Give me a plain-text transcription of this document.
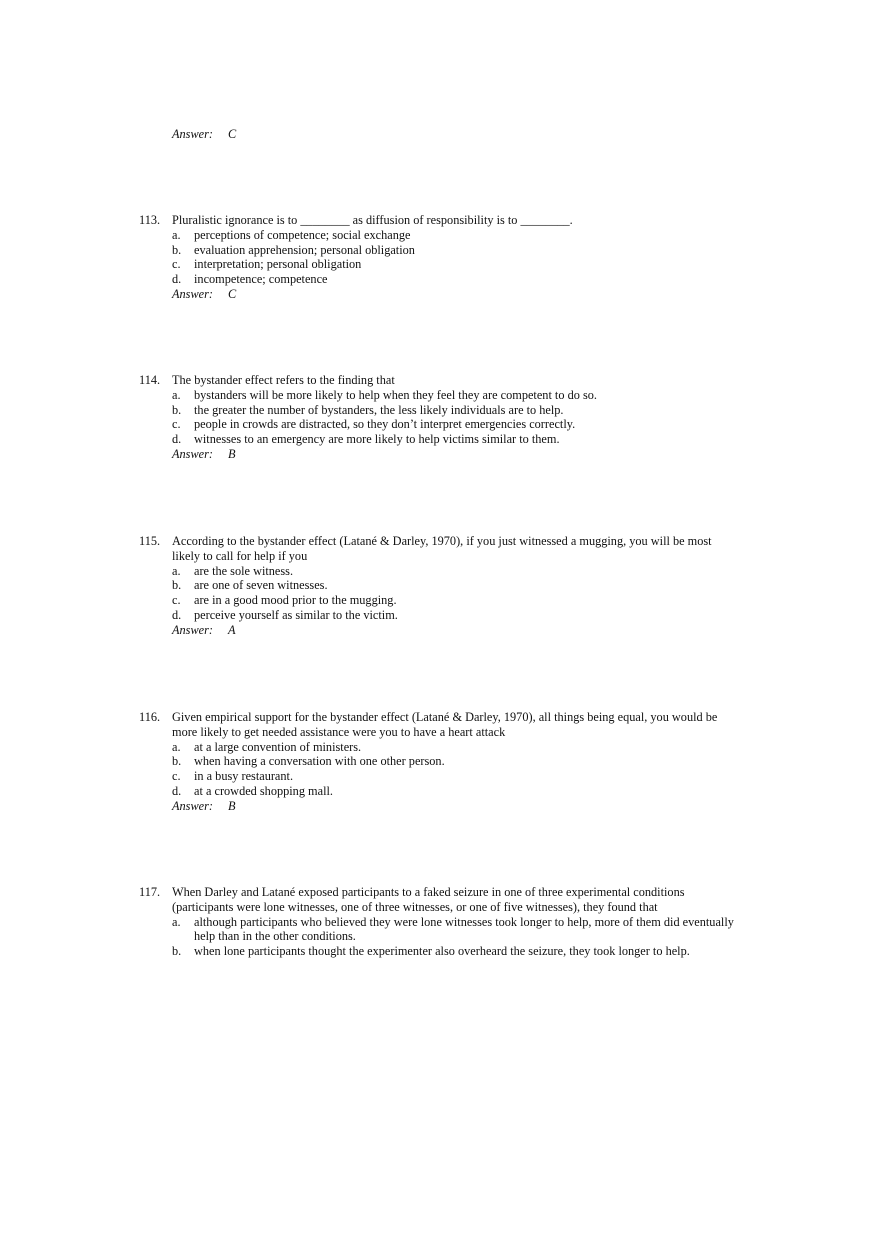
Answer: C
Pluralistic ignorance is to ________ as diffusion of responsibility is to ________.
113.
perceptions of competence; social exchange
a.
evaluation apprehension; personal obligation
b.
interpretation; personal obligation
c.
incompetence; competence
d.
Answer: C
The bystander effect refers to the finding that
114.
bystanders will be more likely to help when they feel they are competent to do so.
a.
the greater the number of bystanders, the less likely individuals are to help.
b.
people in crowds are distracted, so they don’t interpret emergencies correctly.
c.
witnesses to an emergency are more likely to help victims similar to them.
d.
Answer: B
According to the bystander effect (Latané & Darley, 1970), if you just witnessed a mugging, you will be most
115.
likely to call for help if you
are the sole witness.
a.
are one of seven witnesses.
b.
are in a good mood prior to the mugging.
c.
perceive yourself as similar to the victim.
d.
Answer: A
Given empirical support for the bystander effect (Latané & Darley, 1970), all things being equal, you would be
116.
more likely to get needed assistance were you to have a heart attack
at a large convention of ministers.
a.
when having a conversation with one other person.
b.
in a busy restaurant.
c.
at a crowded shopping mall.
d.
Answer: B
When Darley and Latané exposed participants to a faked seizure in one of three experimental conditions
117.
(participants were lone witnesses, one of three witnesses, or one of five witnesses), they found that
although participants who believed they were lone witnesses took longer to help, more of them did eventually
a.
help than in the other conditions.
when lone participants thought the experimenter also overheard the seizure, they took longer to help.
b.
